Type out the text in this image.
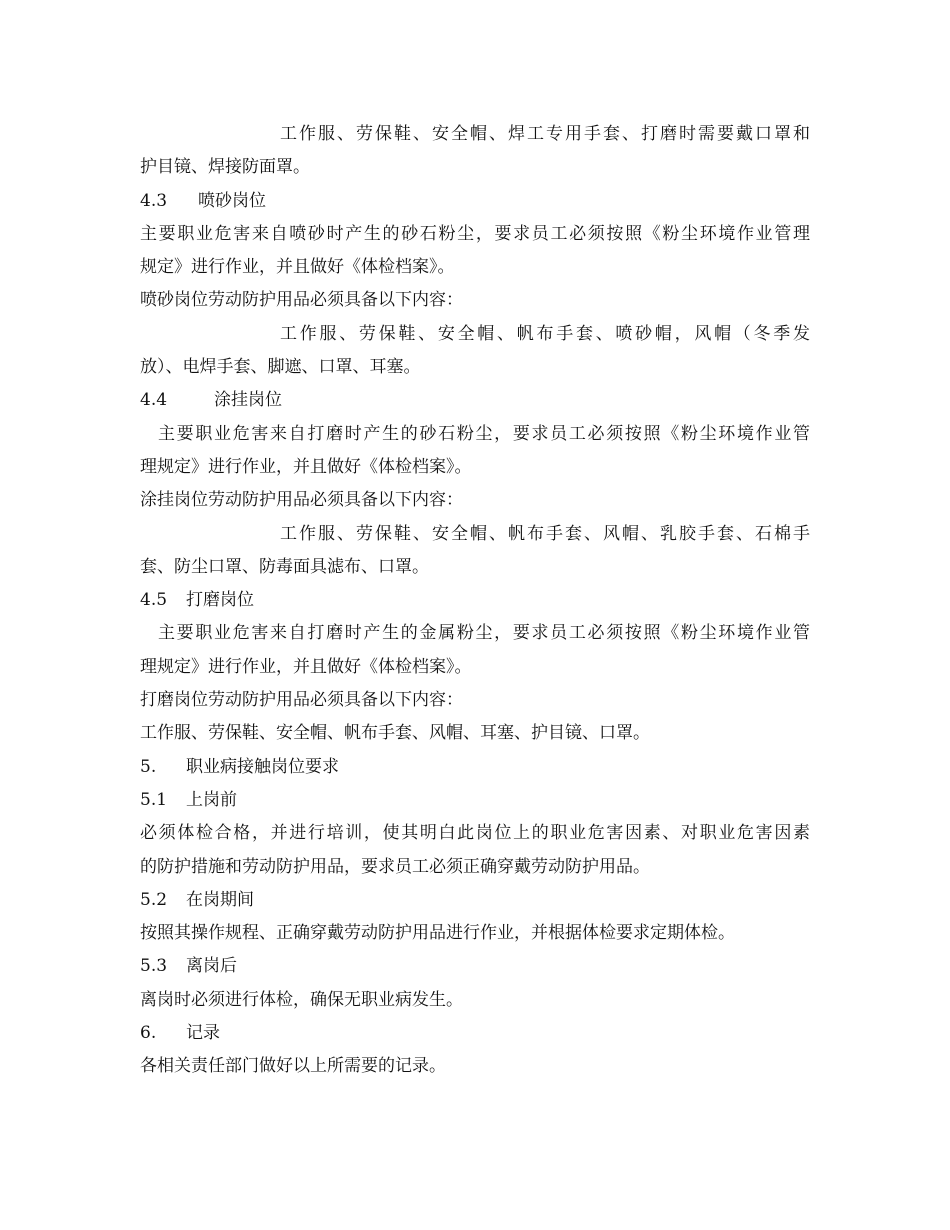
工作服、劳保鞋、安全帽、焊工专用手套、打磨时需要戴口罩和

护目镜、焊接防面罩。

4.3 喷砂岗位

主要职业危害来自喷砂时产生的砂石粉尘，要求员工必须按照《粉尘环境作业管理

规定》进行作业，并且做好《体检档案》。

喷砂岗位劳动防护用品必须具备以下内容：

工作服、劳保鞋、安全帽、帆布手套、喷砂帽，风帽（冬季发

放）、电焊手套、脚遮、口罩、耳塞。

4.4	涂挂岗位

主要职业危害来自打磨时产生的砂石粉尘，要求员工必须按照《粉尘环境作业管

理规定》进行作业，并且做好《体检档案》。

涂挂岗位劳动防护用品必须具备以下内容：

工作服、劳保鞋、安全帽、帆布手套、风帽、乳胶手套、石棉手

套、防尘口罩、防毒面具滤布、口罩。

4.5 打磨岗位

主要职业危害来自打磨时产生的金属粉尘，要求员工必须按照《粉尘环境作业管

理规定》进行作业，并且做好《体检档案》。

打磨岗位劳动防护用品必须具备以下内容：

工作服、劳保鞋、安全帽、帆布手套、风帽、耳塞、护目镜、口罩。

5. 职业病接触岗位要求

5.1 上岗前

必须体检合格，并进行培训，使其明白此岗位上的职业危害因素、对职业危害因素

的防护措施和劳动防护用品，要求员工必须正确穿戴劳动防护用品。

5.2 在岗期间

按照其操作规程、正确穿戴劳动防护用品进行作业，并根据体检要求定期体检。

5.3 离岗后

离岗时必须进行体检，确保无职业病发生。

6. 记录

各相关责任部门做好以上所需要的记录。
